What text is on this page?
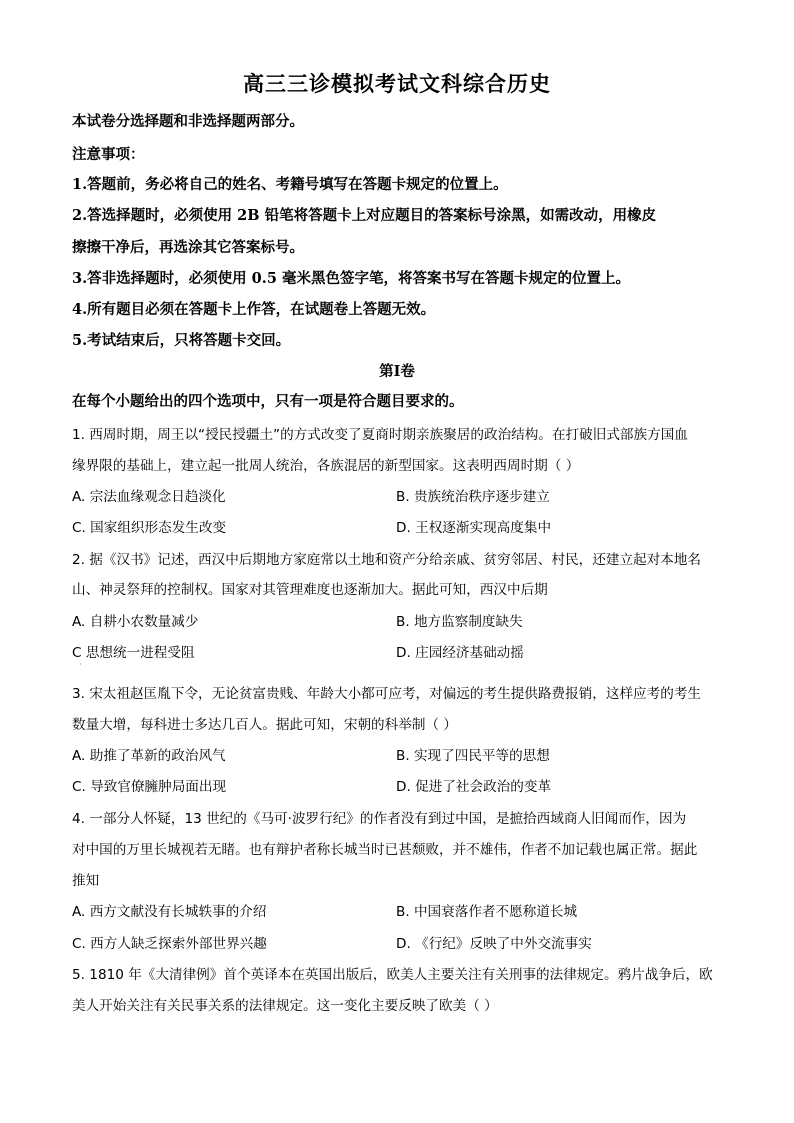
高三三诊模拟考试文科综合历史
本试卷分选择题和非选择题两部分。
注意事项：
1.答题前，务必将自己的姓名、考籍号填写在答题卡规定的位置上。
2.答选择题时，必须使用 2B 铅笔将答题卡上对应题目的答案标号涂黑，如需改动，用橡皮
擦擦干净后，再选涂其它答案标号。
3.答非选择题时，必须使用 0.5 毫米黑色签字笔，将答案书写在答题卡规定的位置上。
4.所有题目必须在答题卡上作答，在试题卷上答题无效。
5.考试结束后，只将答题卡交回。
第Ⅰ卷
在每个小题给出的四个选项中，只有一项是符合题目要求的。
1. 西周时期，周王以“授民授疆土”的方式改变了夏商时期亲族聚居的政治结构。在打破旧式部族方国血
缘界限的基础上，建立起一批周人统治，各族混居的新型国家。这表明西周时期（ ）
A. 宗法血缘观念日趋淡化	B. 贵族统治秩序逐步建立
C. 国家组织形态发生改变	D. 王权逐渐实现高度集中
2. 据《汉书》记述，西汉中后期地方家庭常以土地和资产分给亲戚、贫穷邻居、村民，还建立起对本地名
山、神灵祭拜的控制权。国家对其管理难度也逐渐加大。据此可知，西汉中后期
A. 自耕小农数量减少	B. 地方监察制度缺失
C 思想统一进程受阻	D. 庄园经济基础动摇
·
3. 宋太祖赵匡胤下令，无论贫富贵贱、年龄大小都可应考，对偏远的考生提供路费报销，这样应考的考生
数量大增，每科进士多达几百人。据此可知，宋朝的科举制（ ）
A. 助推了革新的政治风气	B. 实现了四民平等的思想
C. 导致官僚臃肿局面出现	D. 促进了社会政治的变革
4. 一部分人怀疑，13 世纪的《马可·波罗行纪》的作者没有到过中国，是摭拾西域商人旧闻而作，因为
对中国的万里长城视若无睹。也有辩护者称长城当时已甚颓败，并不雄伟，作者不加记载也属正常。据此
推知
A. 西方文献没有长城轶事的介绍	B. 中国衰落作者不愿称道长城
C. 西方人缺乏探索外部世界兴趣	D. 《行纪》反映了中外交流事实
5. 1810 年《大清律例》首个英译本在英国出版后，欧美人主要关注有关刑事的法律规定。鸦片战争后，欧
美人开始关注有关民事关系的法律规定。这一变化主要反映了欧美（ ）
